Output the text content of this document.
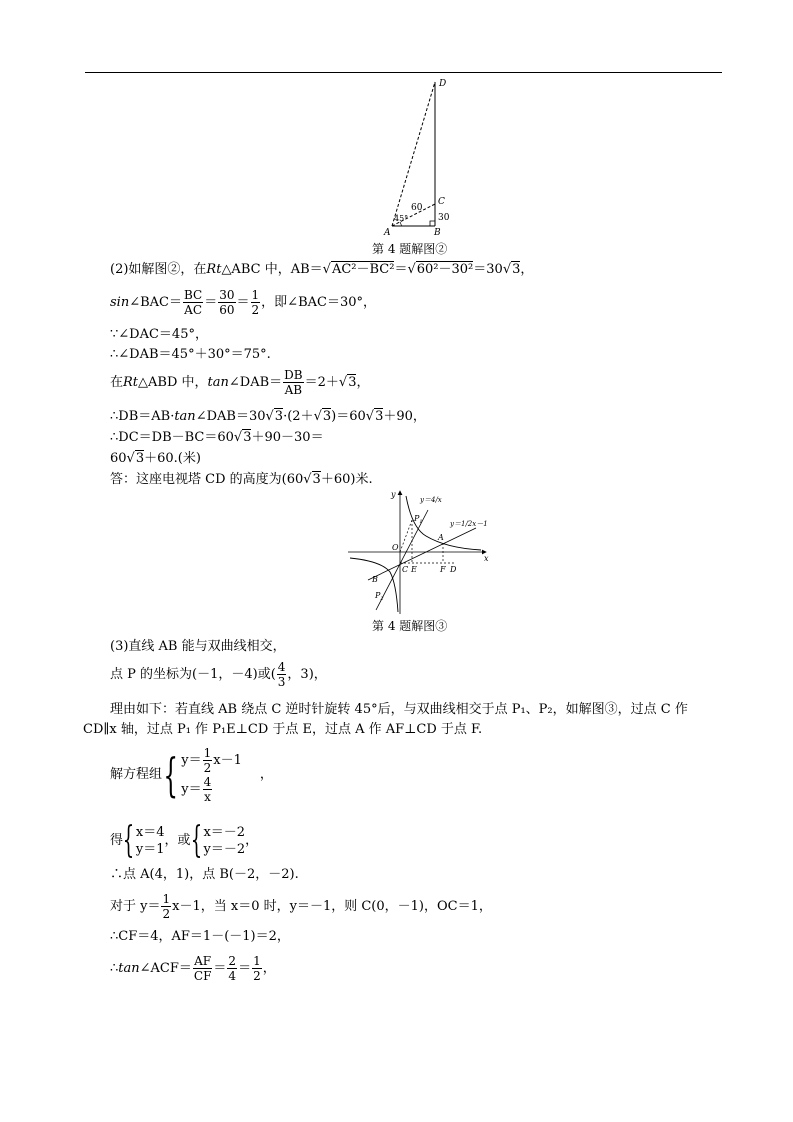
D
C
A	B
60
30
45°
第 4 题解图②
(2)如解图②，在Rt△ABC 中，AB＝√AC²－BC²＝√60²－30²＝30√3，
sin∠BAC＝ $\frac{BC}{AC} = \frac{30}{60} = \frac{1}{2}$ ，即∠BAC＝30°，
∵∠DAC＝45°，
∴∠DAB＝45°＋30°＝75°.
在Rt△ABD 中，tan∠DAB＝ $\frac{DB}{AB} =2+√3$，
∴DB＝AB·tan∠DAB＝30√3·(2＋√3)＝60√3＋90，
∴DC＝DB－BC＝60√3＋90－30＝
60√3＋60.(米)
答：这座电视塔 CD 的高度为(60√3＋60)米.
y
x
O
C E	F D
A
B
$P_1$
$P_2$
y＝4/x
y＝1/2x－1
第 4 题解图③
(3)直线 AB 能与双曲线相交，
点 P 的坐标为(－1，－4)或( $\frac{4}{3}$ ，3)，
理由如下：若直线 AB 绕点 C 逆时针旋转 45°后，与双曲线相交于点 P₁、P₂，如解图③，过点 C 作
CD∥x 轴，过点 P₁ 作 P₁E⊥CD 于点 E，过点 A 作 AF⊥CD 于点 F.
解方程组{ $y= \frac{1}{2} x-1$
$y= \frac{4}{x}$
，
得{ x＝4
y＝1
，或{ x＝－2
y＝－2
，
∴点 A(4，1)，点 B(－2，－2).
对于 $y= \frac{1}{2} x-1$，当 x＝0 时，y＝－1，则 C(0，－1)，OC＝1，
∴CF＝4，AF＝1－(－1)＝2，
∴tan∠ACF＝ $\frac{AF}{CF} = \frac{2}{4} = \frac{1}{2}$ ，
